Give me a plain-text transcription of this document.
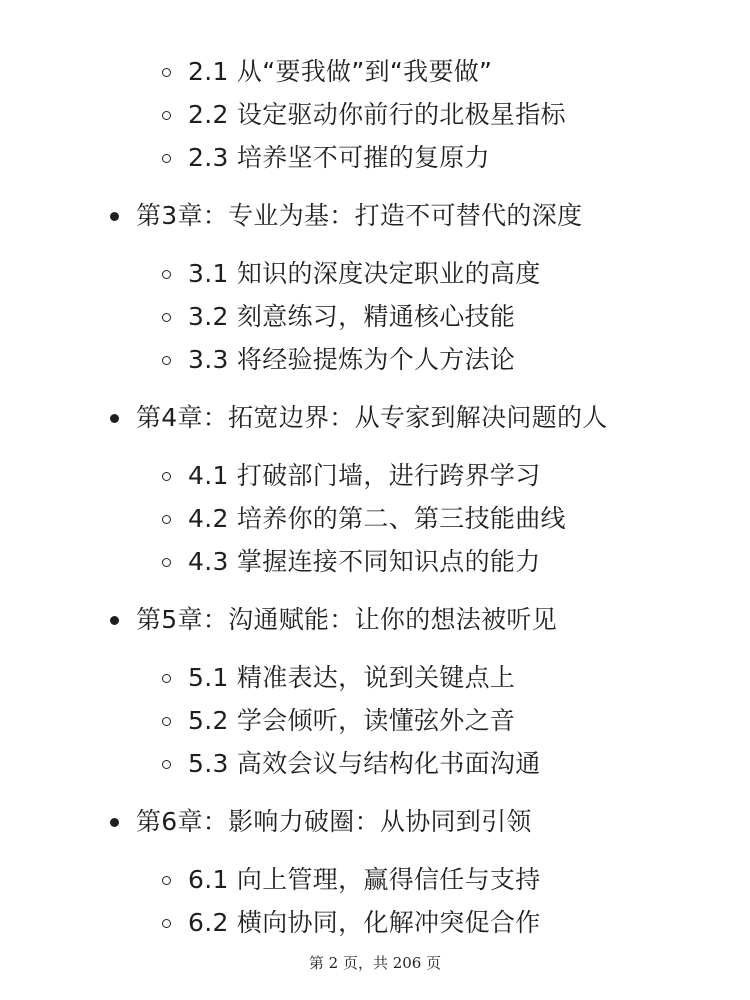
2.1 从“要我做”到“我要做”
2.2 设定驱动你前行的北极星指标
2.3 培养坚不可摧的复原力
第3章：专业为基：打造不可替代的深度
3.1 知识的深度决定职业的高度
3.2 刻意练习，精通核心技能
3.3 将经验提炼为个人方法论
第4章：拓宽边界：从专家到解决问题的人
4.1 打破部门墙，进行跨界学习
4.2 培养你的第二、第三技能曲线
4.3 掌握连接不同知识点的能力
第5章：沟通赋能：让你的想法被听见
5.1 精准表达，说到关键点上
5.2 学会倾听，读懂弦外之音
5.3 高效会议与结构化书面沟通
第6章：影响力破圈：从协同到引领
6.1 向上管理，赢得信任与支持
6.2 横向协同，化解冲突促合作
第 2 页，共 206 页
